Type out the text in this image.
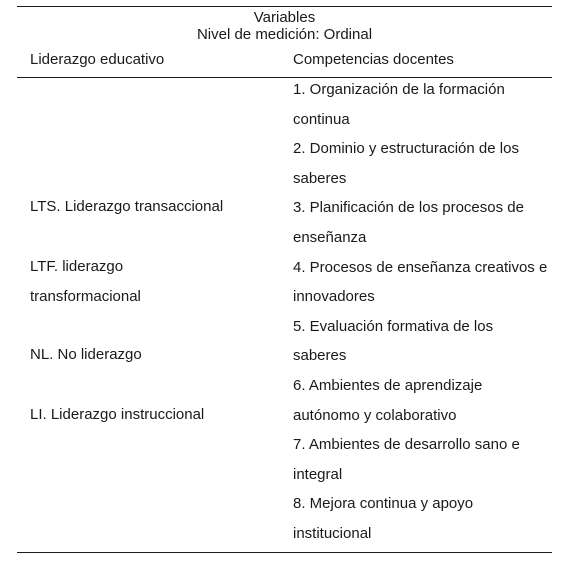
Variables
Nivel de medición: Ordinal
Liderazgo educativo	Competencias docentes
LTS. Liderazgo transaccional
LTF. liderazgo transformacional
NL. No liderazgo
LI. Liderazgo instruccional
1. Organización de la formación continua
2. Dominio y estructuración de los saberes
3. Planificación de los procesos de enseñanza
4. Procesos de enseñanza creativos e innovadores
5. Evaluación formativa de los saberes
6. Ambientes de aprendizaje autónomo y colaborativo
7. Ambientes de desarrollo sano e integral
8. Mejora continua y apoyo institucional
